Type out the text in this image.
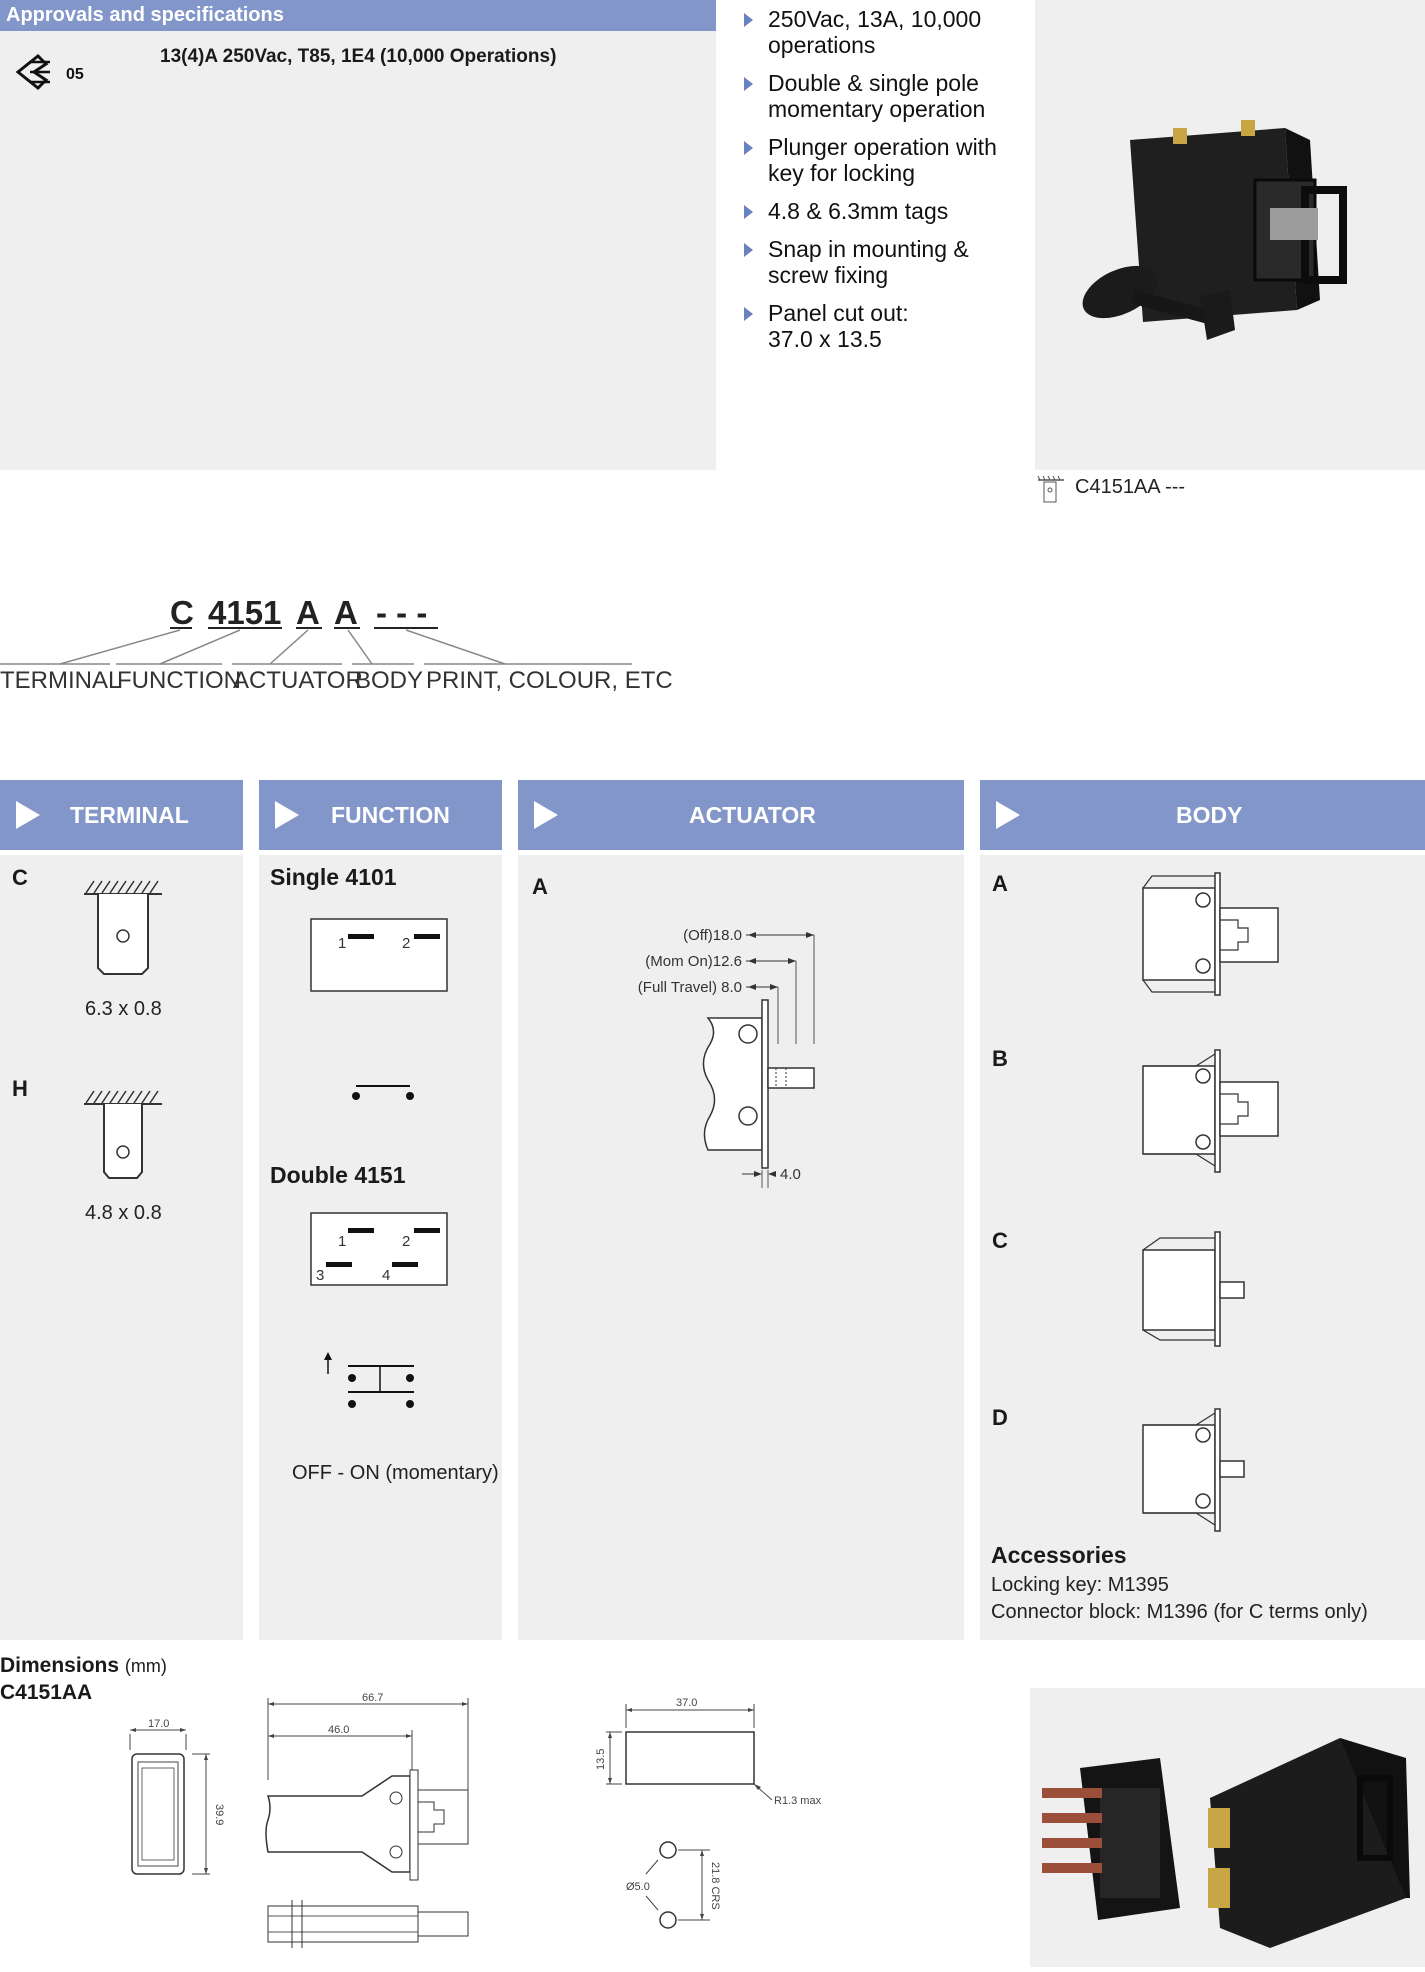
Approvals and specifications
05
13(4)A 250Vac, T85, 1E4 (10,000 Operations)
250Vac, 13A, 10,000
operations
Double & single pole
momentary operation
Plunger operation with
key for locking
4.8 & 6.3mm tags
Snap in mounting &
screw fixing
Panel cut out:
37.0 x 13.5
C4151AA ---
C 4151 A A - - -
TERMINAL
FUNCTION
ACTUATOR
BODY PRINT, COLOUR, ETC
TERMINAL	FUNCTION	ACTUATOR	BODY
C
6.3 x 0.8
H
4.8 x 0.8
Single 4101
1	2
Double 4151
1	2
3	4
OFF - ON (momentary)
A
(Off)18.0
(Mom On)12.6
(Full Travel) 8.0
4.0
A
B
C
D
Accessories
Locking key: M1395
Connector block: M1396 (for C terms only)
Dimensions (mm)
C4151AA
17.0
39.9
66.7
46.0
37.0
13.5
R1.3 max
21.8 CRS
Ø5.0
